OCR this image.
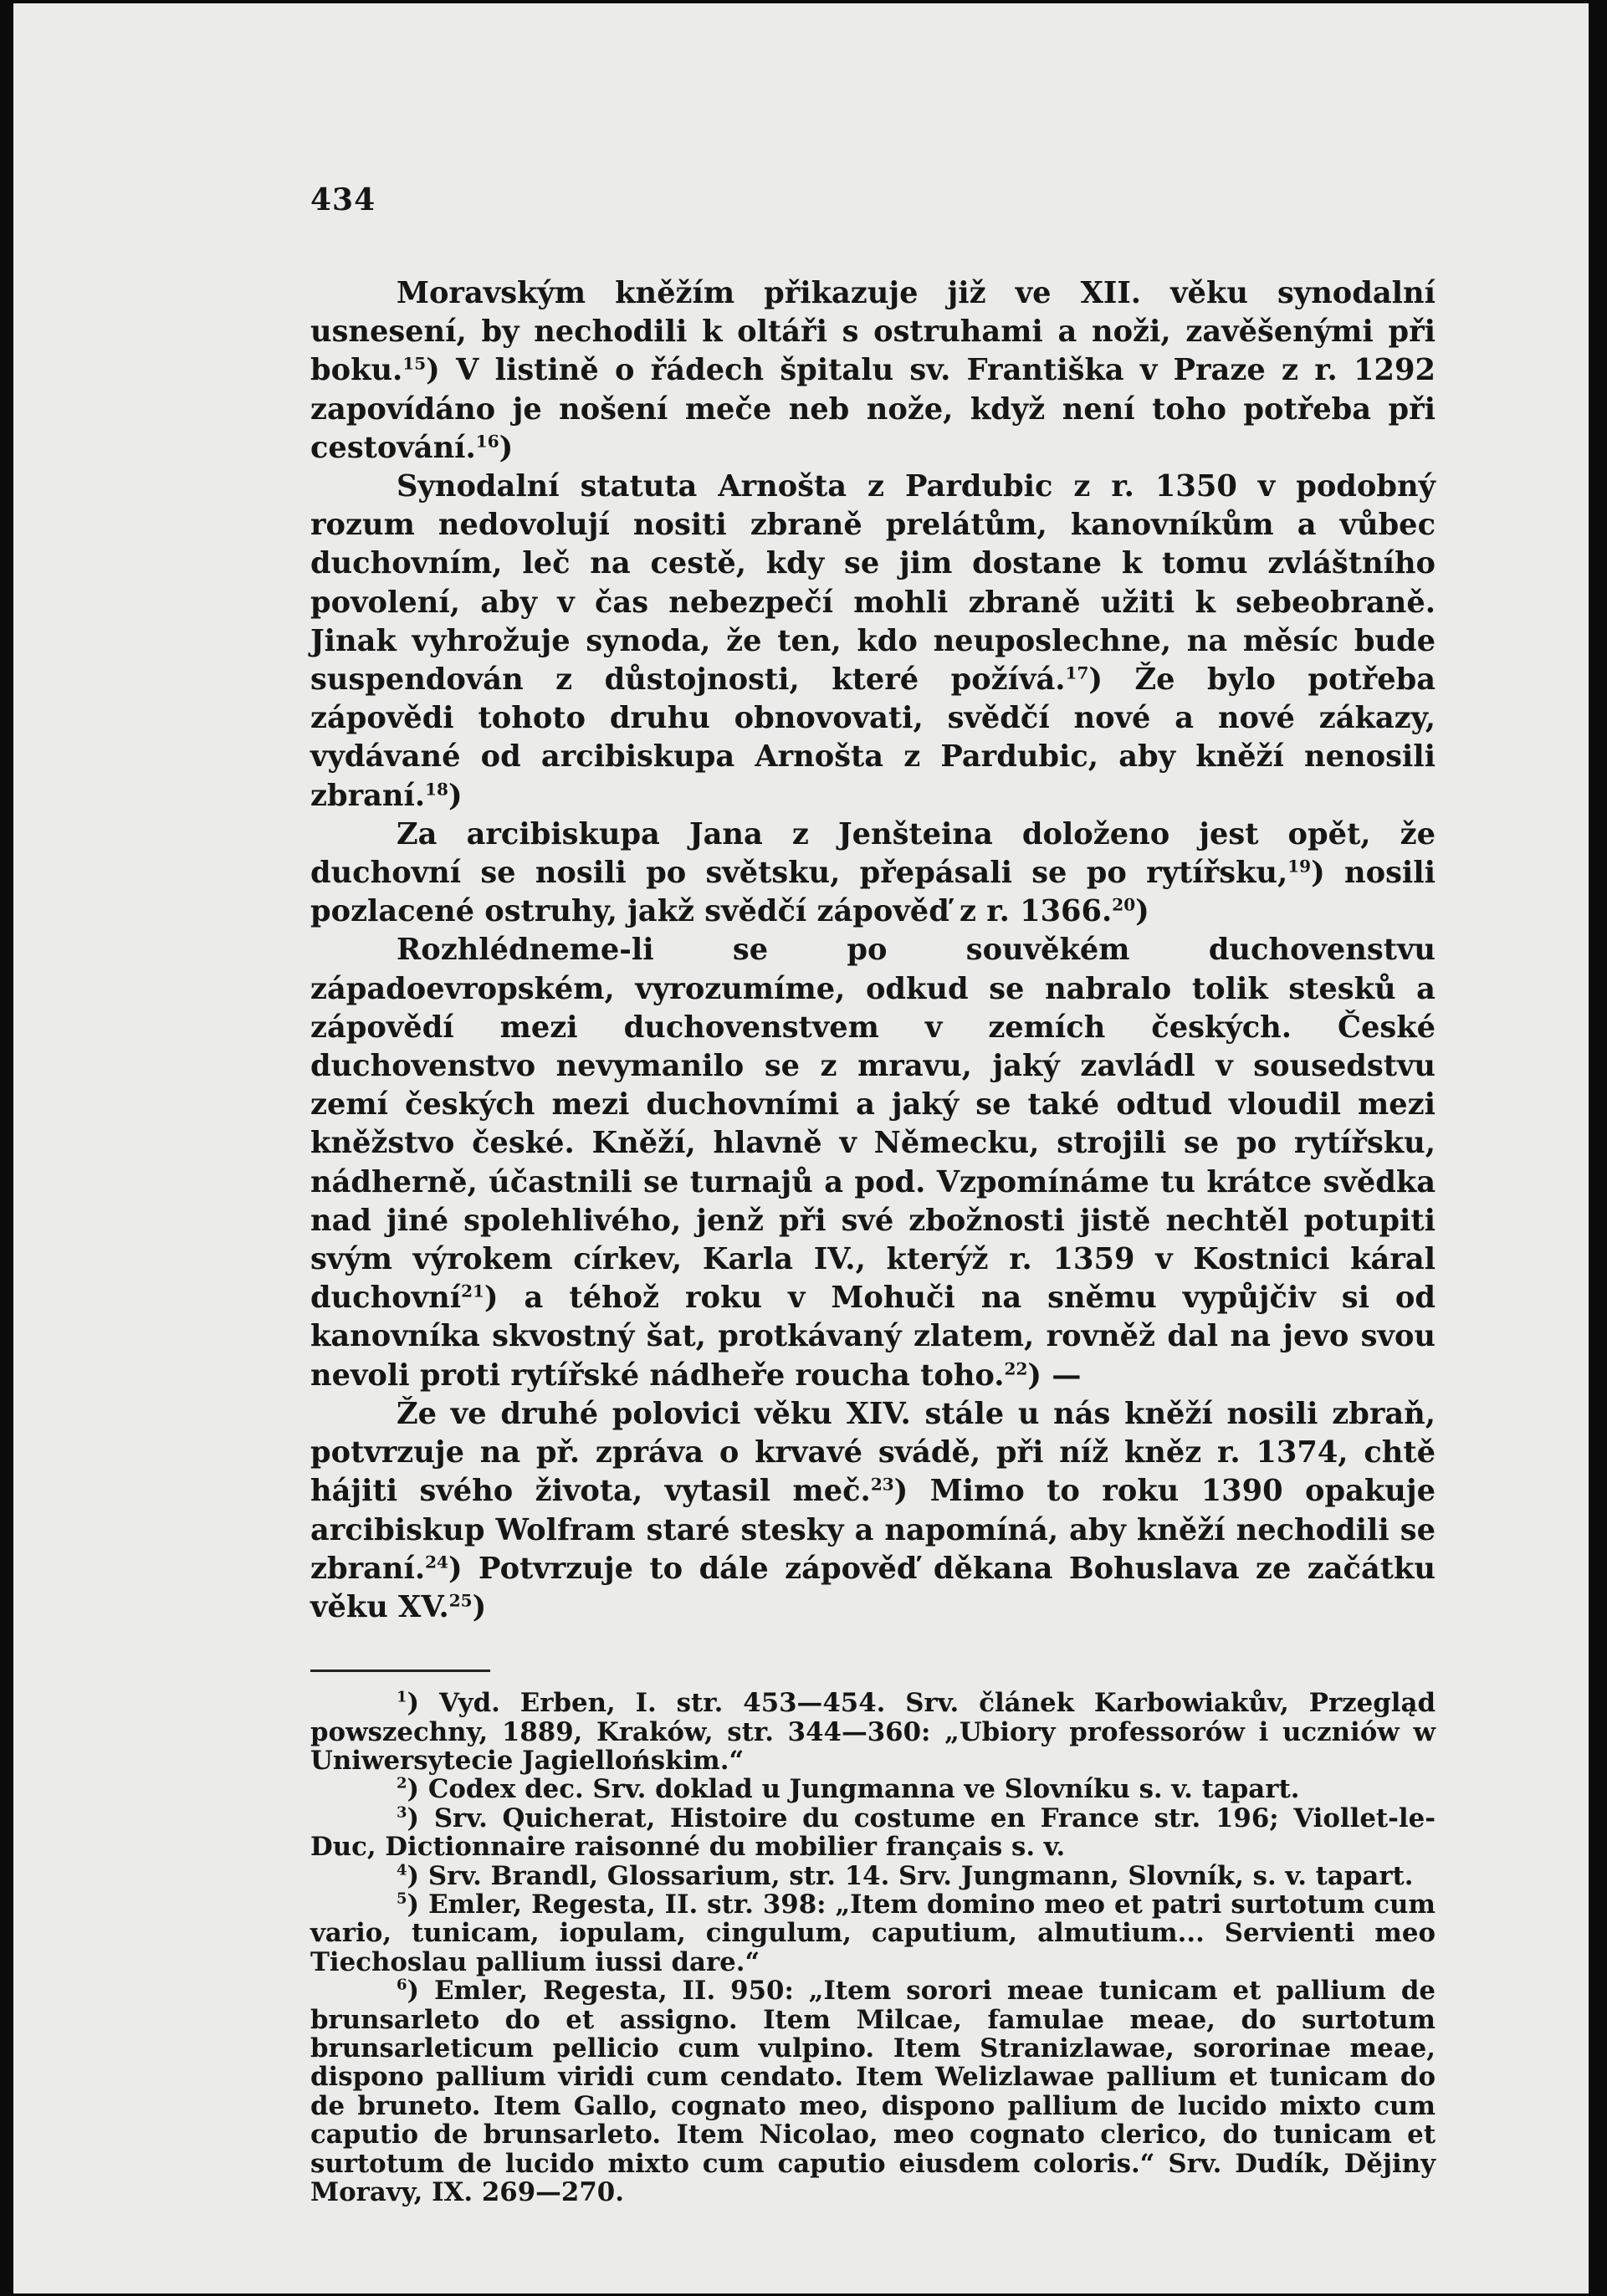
434

Moravským kněžím přikazuje již ve XII. věku synodalní usnesení, by nechodili k oltáři s ostruhami a noži, zavěšenými při boku.$^{15}$) V listině o řádech špitalu sv. Františka v Praze z r. 1292 zapovídáno je nošení meče neb nože, když není toho potřeba při cestování.$^{16}$)

Synodalní statuta Arnošta z Pardubic z r. 1350 v podobný rozum nedovolují nositi zbraně prelátům, kanovníkům a vůbec duchovním, leč na cestě, kdy se jim dostane k tomu zvláštního povolení, aby v čas nebezpečí mohli zbraně užiti k sebeobraně. Jinak vyhrožuje synoda, že ten, kdo neuposlechne, na měsíc bude suspendován z důstojnosti, které požívá.$^{17}$) Že bylo potřeba zápovědi tohoto druhu obnovovati, svědčí nové a nové zákazy, vydávané od arcibiskupa Arnošta z Pardubic, aby kněží nenosili zbraní.$^{18}$)

Za arcibiskupa Jana z Jenšteina doloženo jest opět, že duchovní se nosili po světsku, přepásali se po rytířsku,$^{19}$) nosili pozlacené ostruhy, jakž svědčí zápověď z r. 1366.20)

Rozhlédneme-li se po souvěkém duchovenstvu západoevropském, vyrozumíme, odkud se nabralo tolik stesků a zápovědí mezi duchovenstvem v zemích českých. České duchovenstvo nevymanilo se z mravu, jaký zavládl v sousedstvu zemí českých mezi duchovními a jaký se také odtud vloudil mezi kněžstvo české. Kněží, hlavně v Německu, strojili se po rytířsku, nádherně, účastnili se turnajů a pod. Vzpomínáme tu krátce svědka nad jiné spolehlivého, jenž při své zbožnosti jistě nechtěl potupiti svým výrokem církev, Karla IV., kterýž r. 1359 v Kostnici káral duchovní$^{21}$) a téhož roku v Mohuči na sněmu vypůjčiv si od kanovníka skvostný šat, protkávaný zlatem, rovněž dal na jevo svou nevoli proti rytířské nádheře roucha toho.$^{22}$) —

Že ve druhé polovici věku XIV. stále u nás kněží nosili zbraň, potvrzuje na př. zpráva o krvavé svádě, při níž kněz r. 1374, chtě hájiti svého života, vytasil meč.$^{23}$) Mimo to roku 1390 opakuje arcibiskup Wolfram staré stesky a napomíná, aby kněží nechodili se zbraní.$^{24}$) Potvrzuje to dále zápověď děkana Bohuslava ze začátku věku XV.$^{25}$)

$^1$) Vyd. Erben, I. str. 453—454. Srv. článek Karbowiakův, Przegląd powszechny, 1889, Kraków, str. 344—360: „Ubiory professorów i uczniów w Uniwersytecie Jagiellońskim.“

$^2$) Codex dec. Srv. doklad u Jungmanna ve Slovníku s. v. tapart.

$^3$) Srv. Quicherat, Histoire du costume en France str. 196; Viollet-le-Duc, Dictionnaire raisonné du mobilier français s. v.

$^4$) Srv. Brandl, Glossarium, str. 14. Srv. Jungmann, Slovník, s. v. tapart.

$^5$) Emler, Regesta, II. str. 398: „Item domino meo et patri surtotum cum vario, tunicam, iopulam, cingulum, caputium, almutium... Servienti meo Tiechoslau pallium iussi dare.“

$^6$) Emler, Regesta, II. 950: „Item sorori meae tunicam et pallium de brunsarleto do et assigno. Item Milcae, famulae meae, do surtotum brunsarleticum pellicio cum vulpino. Item Stranizlawae, sororinae meae, dispono pallium viridi cum cendato. Item Welizlawae pallium et tunicam do de bruneto. Item Gallo, cognato meo, dispono pallium de lucido mixto cum caputio de brunsarleto. Item Nicolao, meo cognato clerico, do tunicam et surtotum de lucido mixto cum caputio eiusdem coloris.“ Srv. Dudík, Dějiny Moravy, IX. 269—270.
